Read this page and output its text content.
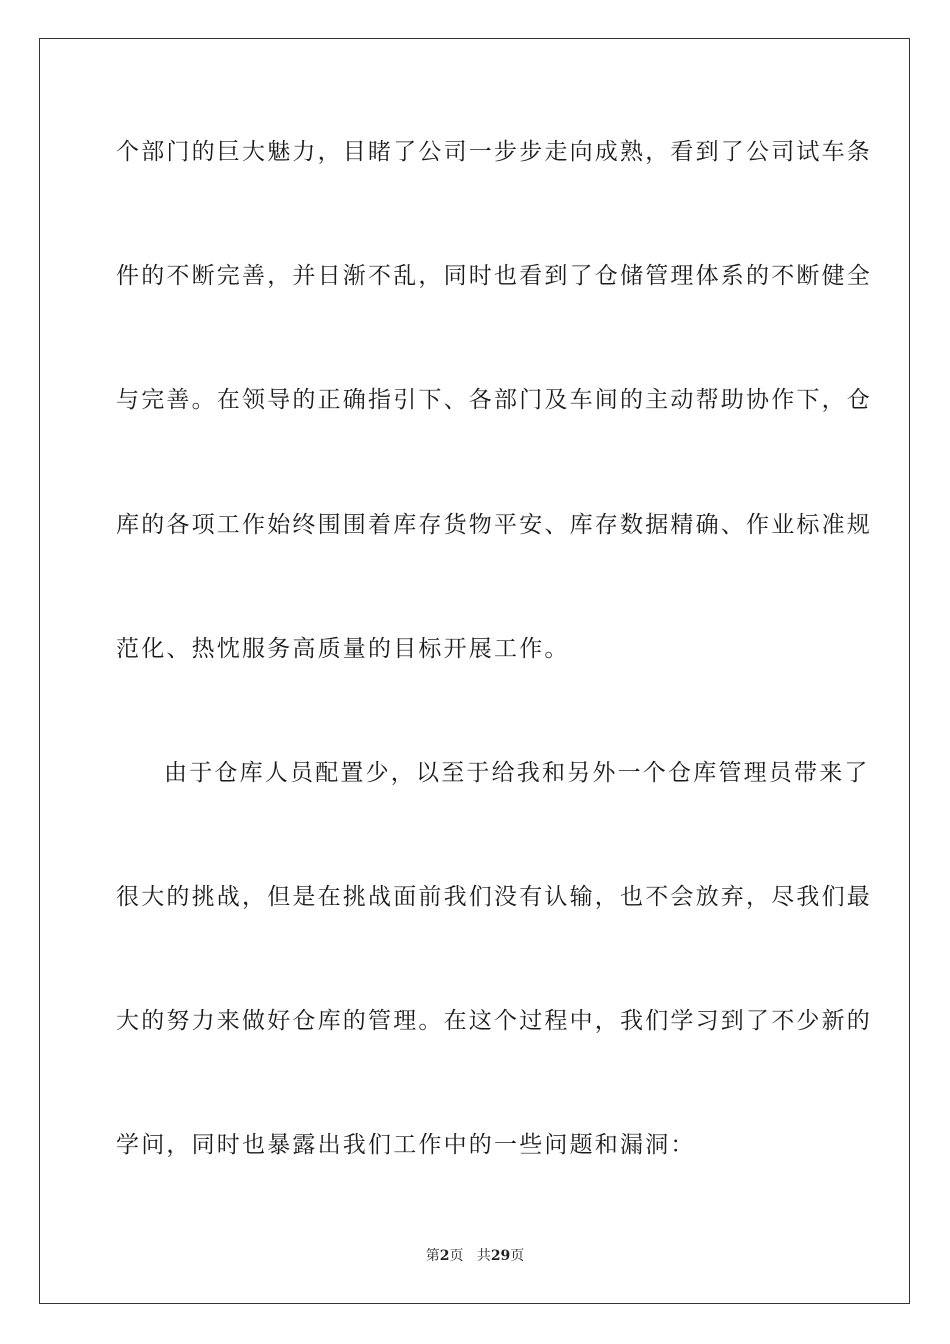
个部门的巨大魅力，目睹了公司一步步走向成熟，看到了公司试车条
件的不断完善，并日渐不乱，同时也看到了仓储管理体系的不断健全
与完善。在领导的正确指引下、各部门及车间的主动帮助协作下，仓
库的各项工作始终围围着库存货物平安、库存数据精确、作业标准规
范化、热忱服务高质量的目标开展工作。
由于仓库人员配置少，以至于给我和另外一个仓库管理员带来了
很大的挑战，但是在挑战面前我们没有认输，也不会放弃，尽我们最
大的努力来做好仓库的管理。在这个过程中，我们学习到了不少新的
学问，同时也暴露出我们工作中的一些问题和漏洞：
第2页 共29页
